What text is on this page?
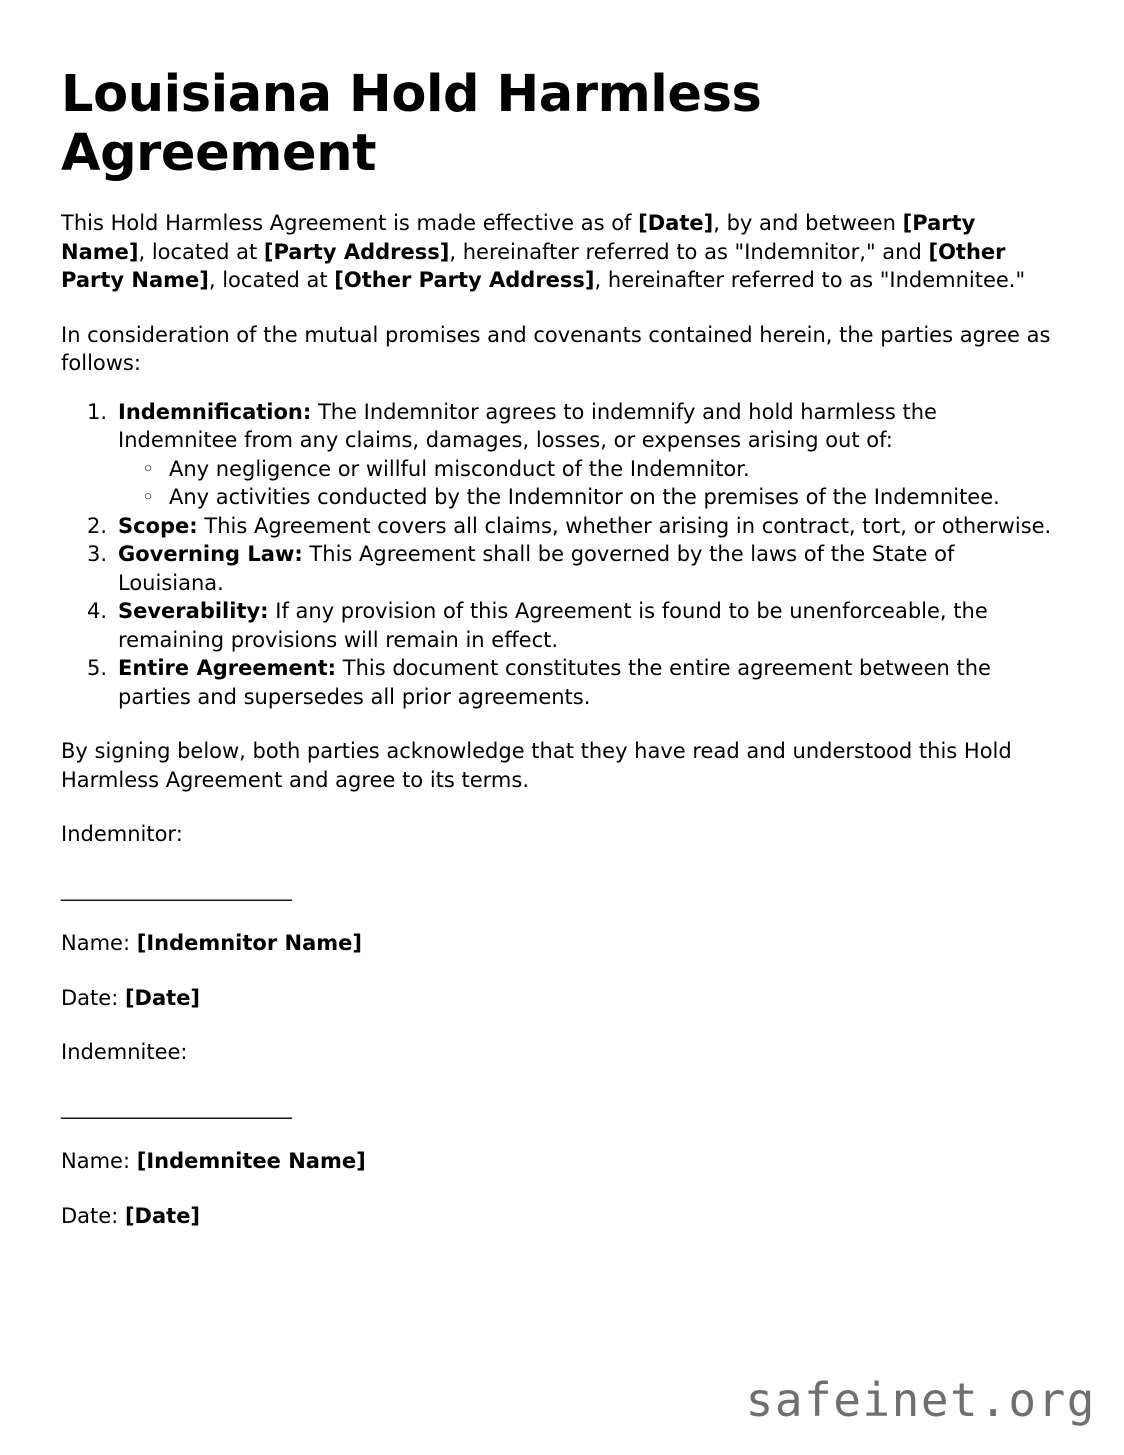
Louisiana Hold Harmless Agreement

This Hold Harmless Agreement is made effective as of [Date], by and between [Party Name], located at [Party Address], hereinafter referred to as "Indemnitor," and [Other Party Name], located at [Other Party Address], hereinafter referred to as "Indemnitee."

In consideration of the mutual promises and covenants contained herein, the parties agree as follows:

Indemnification: The Indemnitor agrees to indemnify and hold harmless the Indemnitee from any claims, damages, losses, or expenses arising out of:
◦ Any negligence or willful misconduct of the Indemnitor.
◦ Any activities conducted by the Indemnitor on the premises of the Indemnitee.
Scope: This Agreement covers all claims, whether arising in contract, tort, or otherwise.
Governing Law: This Agreement shall be governed by the laws of the State of Louisiana.
Severability: If any provision of this Agreement is found to be unenforceable, the remaining provisions will remain in effect.
Entire Agreement: This document constitutes the entire agreement between the parties and supersedes all prior agreements.

By signing below, both parties acknowledge that they have read and understood this Hold Harmless Agreement and agree to its terms.

Indemnitor:

______________________

Name: [Indemnitor Name]

Date: [Date]

Indemnitee:

______________________

Name: [Indemnitee Name]

Date: [Date]

safeinet.org
